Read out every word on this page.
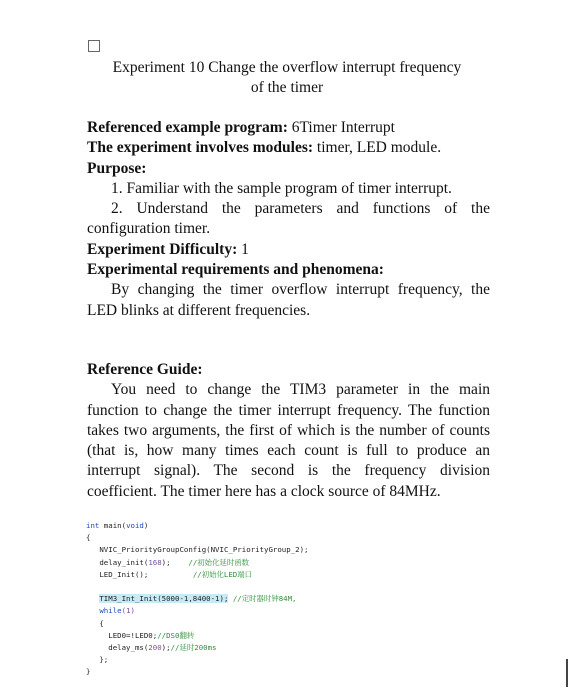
Experiment 10 Change the overflow interrupt frequency
of the timer

Referenced example program: 6Timer Interrupt

The experiment involves modules: timer, LED module.

Purpose:

1. Familiar with the sample program of timer interrupt.

2. Understand the parameters and functions of the configuration timer.

Experiment Difficulty: 1

Experimental requirements and phenomena:

By changing the timer overflow interrupt frequency, the LED blinks at different frequencies.

Reference Guide:

You need to change the TIM3 parameter in the main function to change the timer interrupt frequency. The function takes two arguments, the first of which is the number of counts (that is, how many times each count is full to produce an interrupt signal). The second is the frequency division coefficient. The timer here has a clock source of 84MHz.

int main(void)
{
NVIC_PriorityGroupConfig(NVIC_PriorityGroup_2);
delay_init(168); //初始化延时函数
LED_Init();	//初始化LED端口

TIM3_Int_Init(5000-1,8400-1); //定时器时钟84M,
while(1)
{
LED0=!LED0;//DS0翻转
delay_ms(200);//延时200ms
};
}
